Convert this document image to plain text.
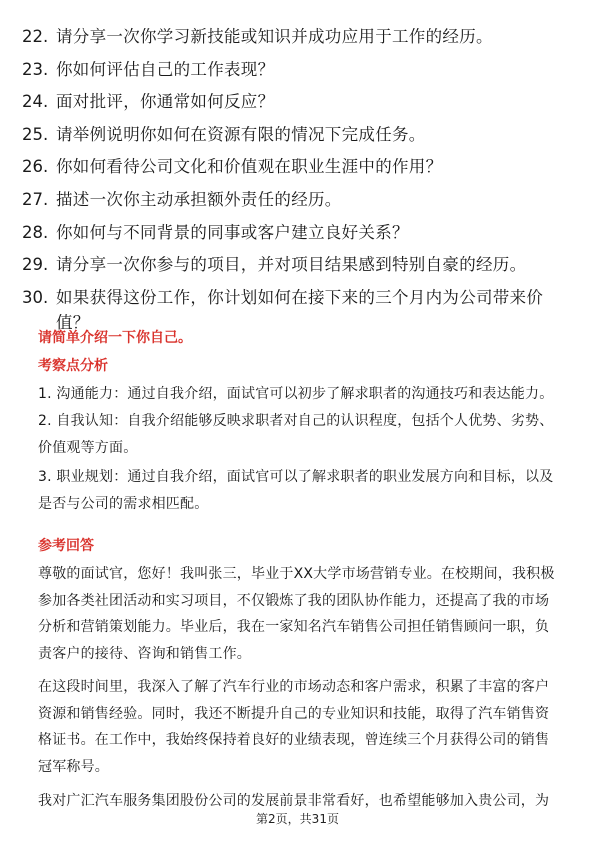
22. 请分享一次你学习新技能或知识并成功应用于工作的经历。
23. 你如何评估自己的工作表现？
24. 面对批评，你通常如何反应？
25. 请举例说明你如何在资源有限的情况下完成任务。
26. 你如何看待公司文化和价值观在职业生涯中的作用？
27. 描述一次你主动承担额外责任的经历。
28. 你如何与不同背景的同事或客户建立良好关系？
29. 请分享一次你参与的项目，并对项目结果感到特别自豪的经历。
30. 如果获得这份工作，你计划如何在接下来的三个月内为公司带来价值？
请简单介绍一下你自己。
考察点分析
1. 沟通能力：通过自我介绍，面试官可以初步了解求职者的沟通技巧和表达能力。
2. 自我认知：自我介绍能够反映求职者对自己的认识程度，包括个人优势、劣势、价值观等方面。
3. 职业规划：通过自我介绍，面试官可以了解求职者的职业发展方向和目标，以及是否与公司的需求相匹配。
参考回答
尊敬的面试官，您好！我叫张三，毕业于XX大学市场营销专业。在校期间，我积极参加各类社团活动和实习项目，不仅锻炼了我的团队协作能力，还提高了我的市场分析和营销策划能力。毕业后，我在一家知名汽车销售公司担任销售顾问一职，负责客户的接待、咨询和销售工作。
在这段时间里，我深入了解了汽车行业的市场动态和客户需求，积累了丰富的客户资源和销售经验。同时，我还不断提升自己的专业知识和技能，取得了汽车销售资格证书。在工作中，我始终保持着良好的业绩表现，曾连续三个月获得公司的销售冠军称号。
我对广汇汽车服务集团股份公司的发展前景非常看好，也希望能够加入贵公司，为
第2页，共31页
